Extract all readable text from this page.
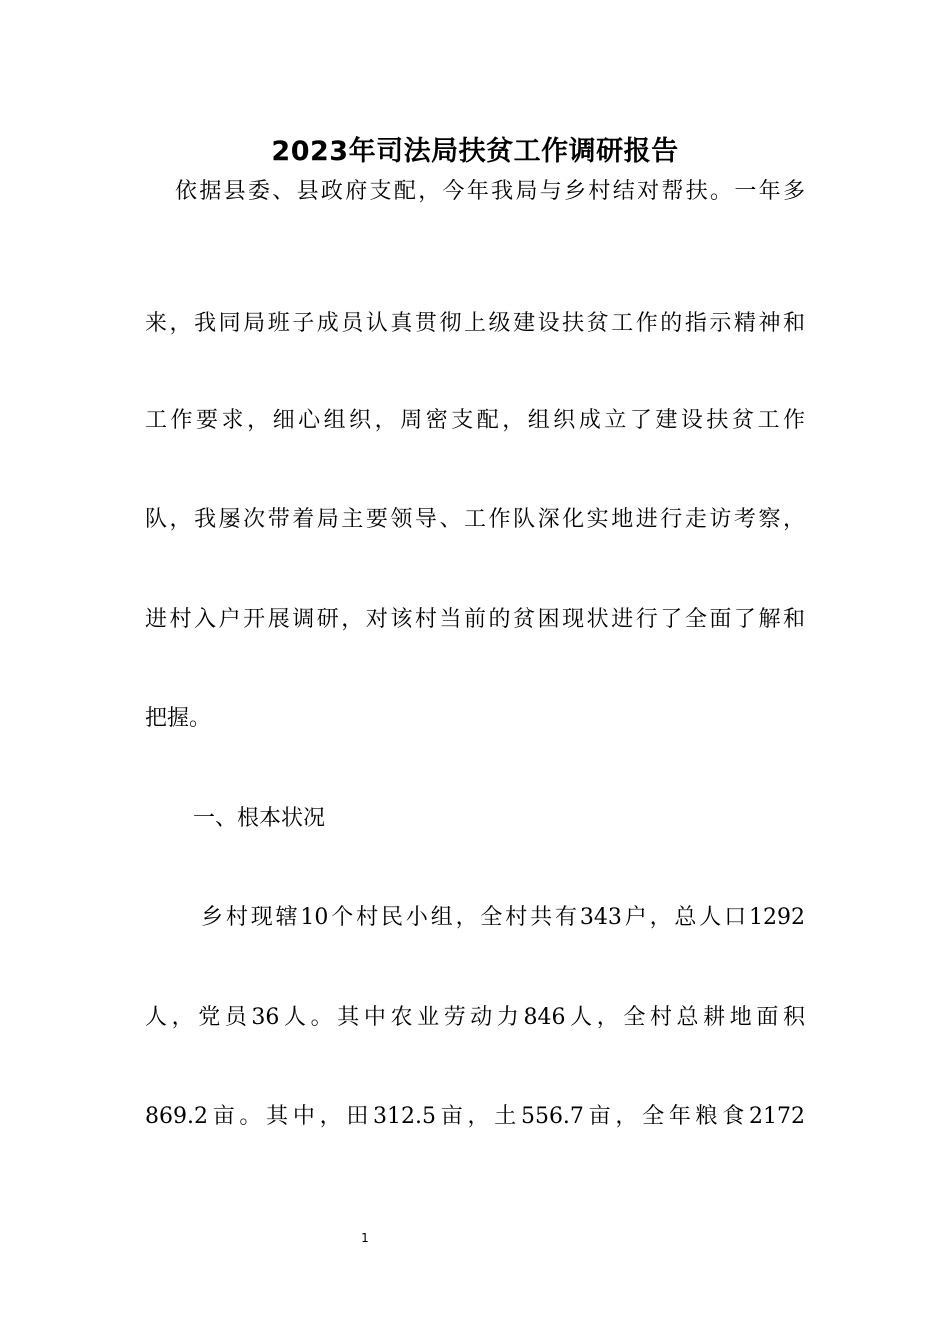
2023年司法局扶贫工作调研报告
依据县委、县政府支配，今年我局与乡村结对帮扶。一年多
来，我同局班子成员认真贯彻上级建设扶贫工作的指示精神和
工作要求，细心组织，周密支配，组织成立了建设扶贫工作
队，我屡次带着局主要领导、工作队深化实地进行走访考察，
进村入户开展调研，对该村当前的贫困现状进行了全面了解和
把握。
一、根本状况
乡村现辖10个村民小组，全村共有343户，总人口1292
人，党员36人。其中农业劳动力846人，全村总耕地面积
869.2亩。其中，田312.5亩，土556.7亩，全年粮食2172
1
